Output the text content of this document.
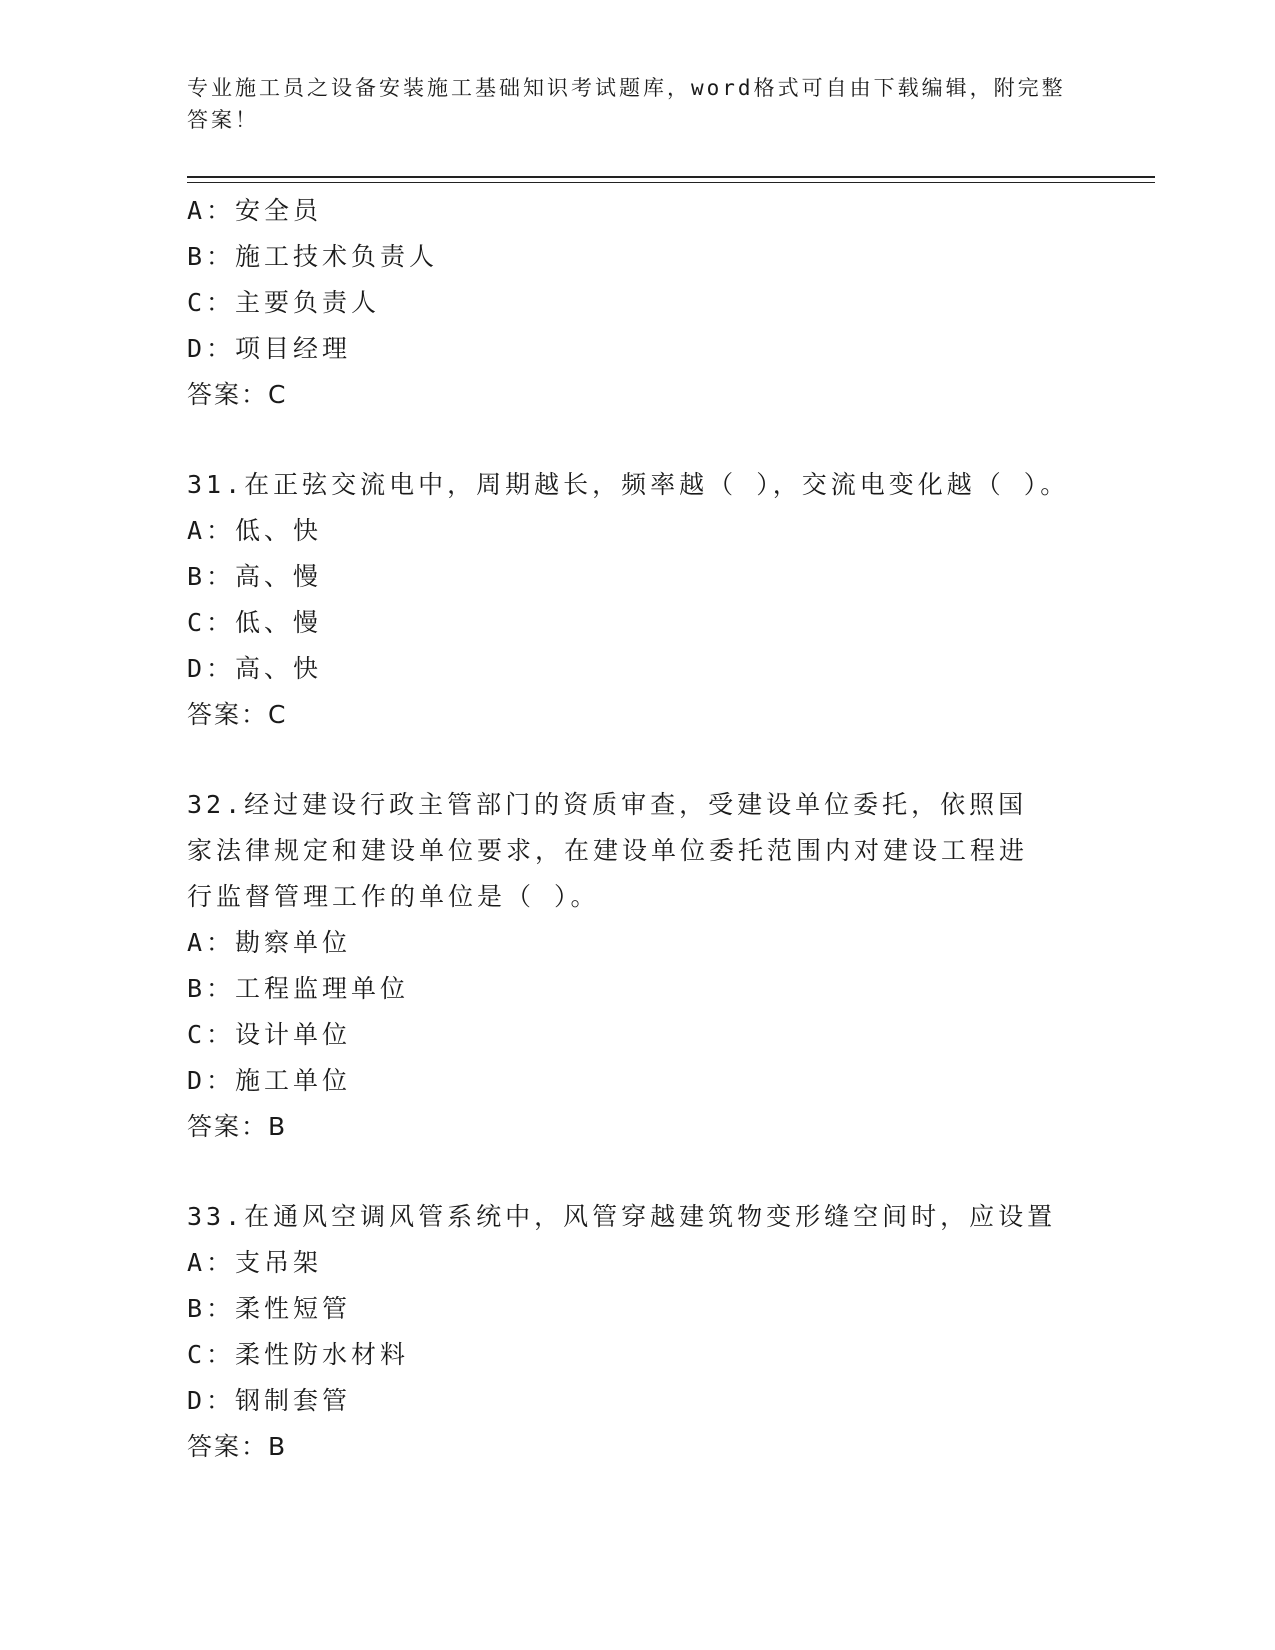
专业施工员之设备安装施工基础知识考试题库，word格式可自由下载编辑，附完整答案！
A：安全员
B：施工技术负责人
C：主要负责人
D：项目经理
答案：C
31.在正弦交流电中，周期越长，频率越（ ），交流电变化越（ ）。
A：低、快
B：高、慢
C：低、慢
D：高、快
答案：C
32.经过建设行政主管部门的资质审查，受建设单位委托，依照国家法律规定和建设单位要求，在建设单位委托范围内对建设工程进行监督管理工作的单位是（ ）。
A：勘察单位
B：工程监理单位
C：设计单位
D：施工单位
答案：B
33.在通风空调风管系统中，风管穿越建筑物变形缝空间时，应设置
A：支吊架
B：柔性短管
C：柔性防水材料
D：钢制套管
答案：B
